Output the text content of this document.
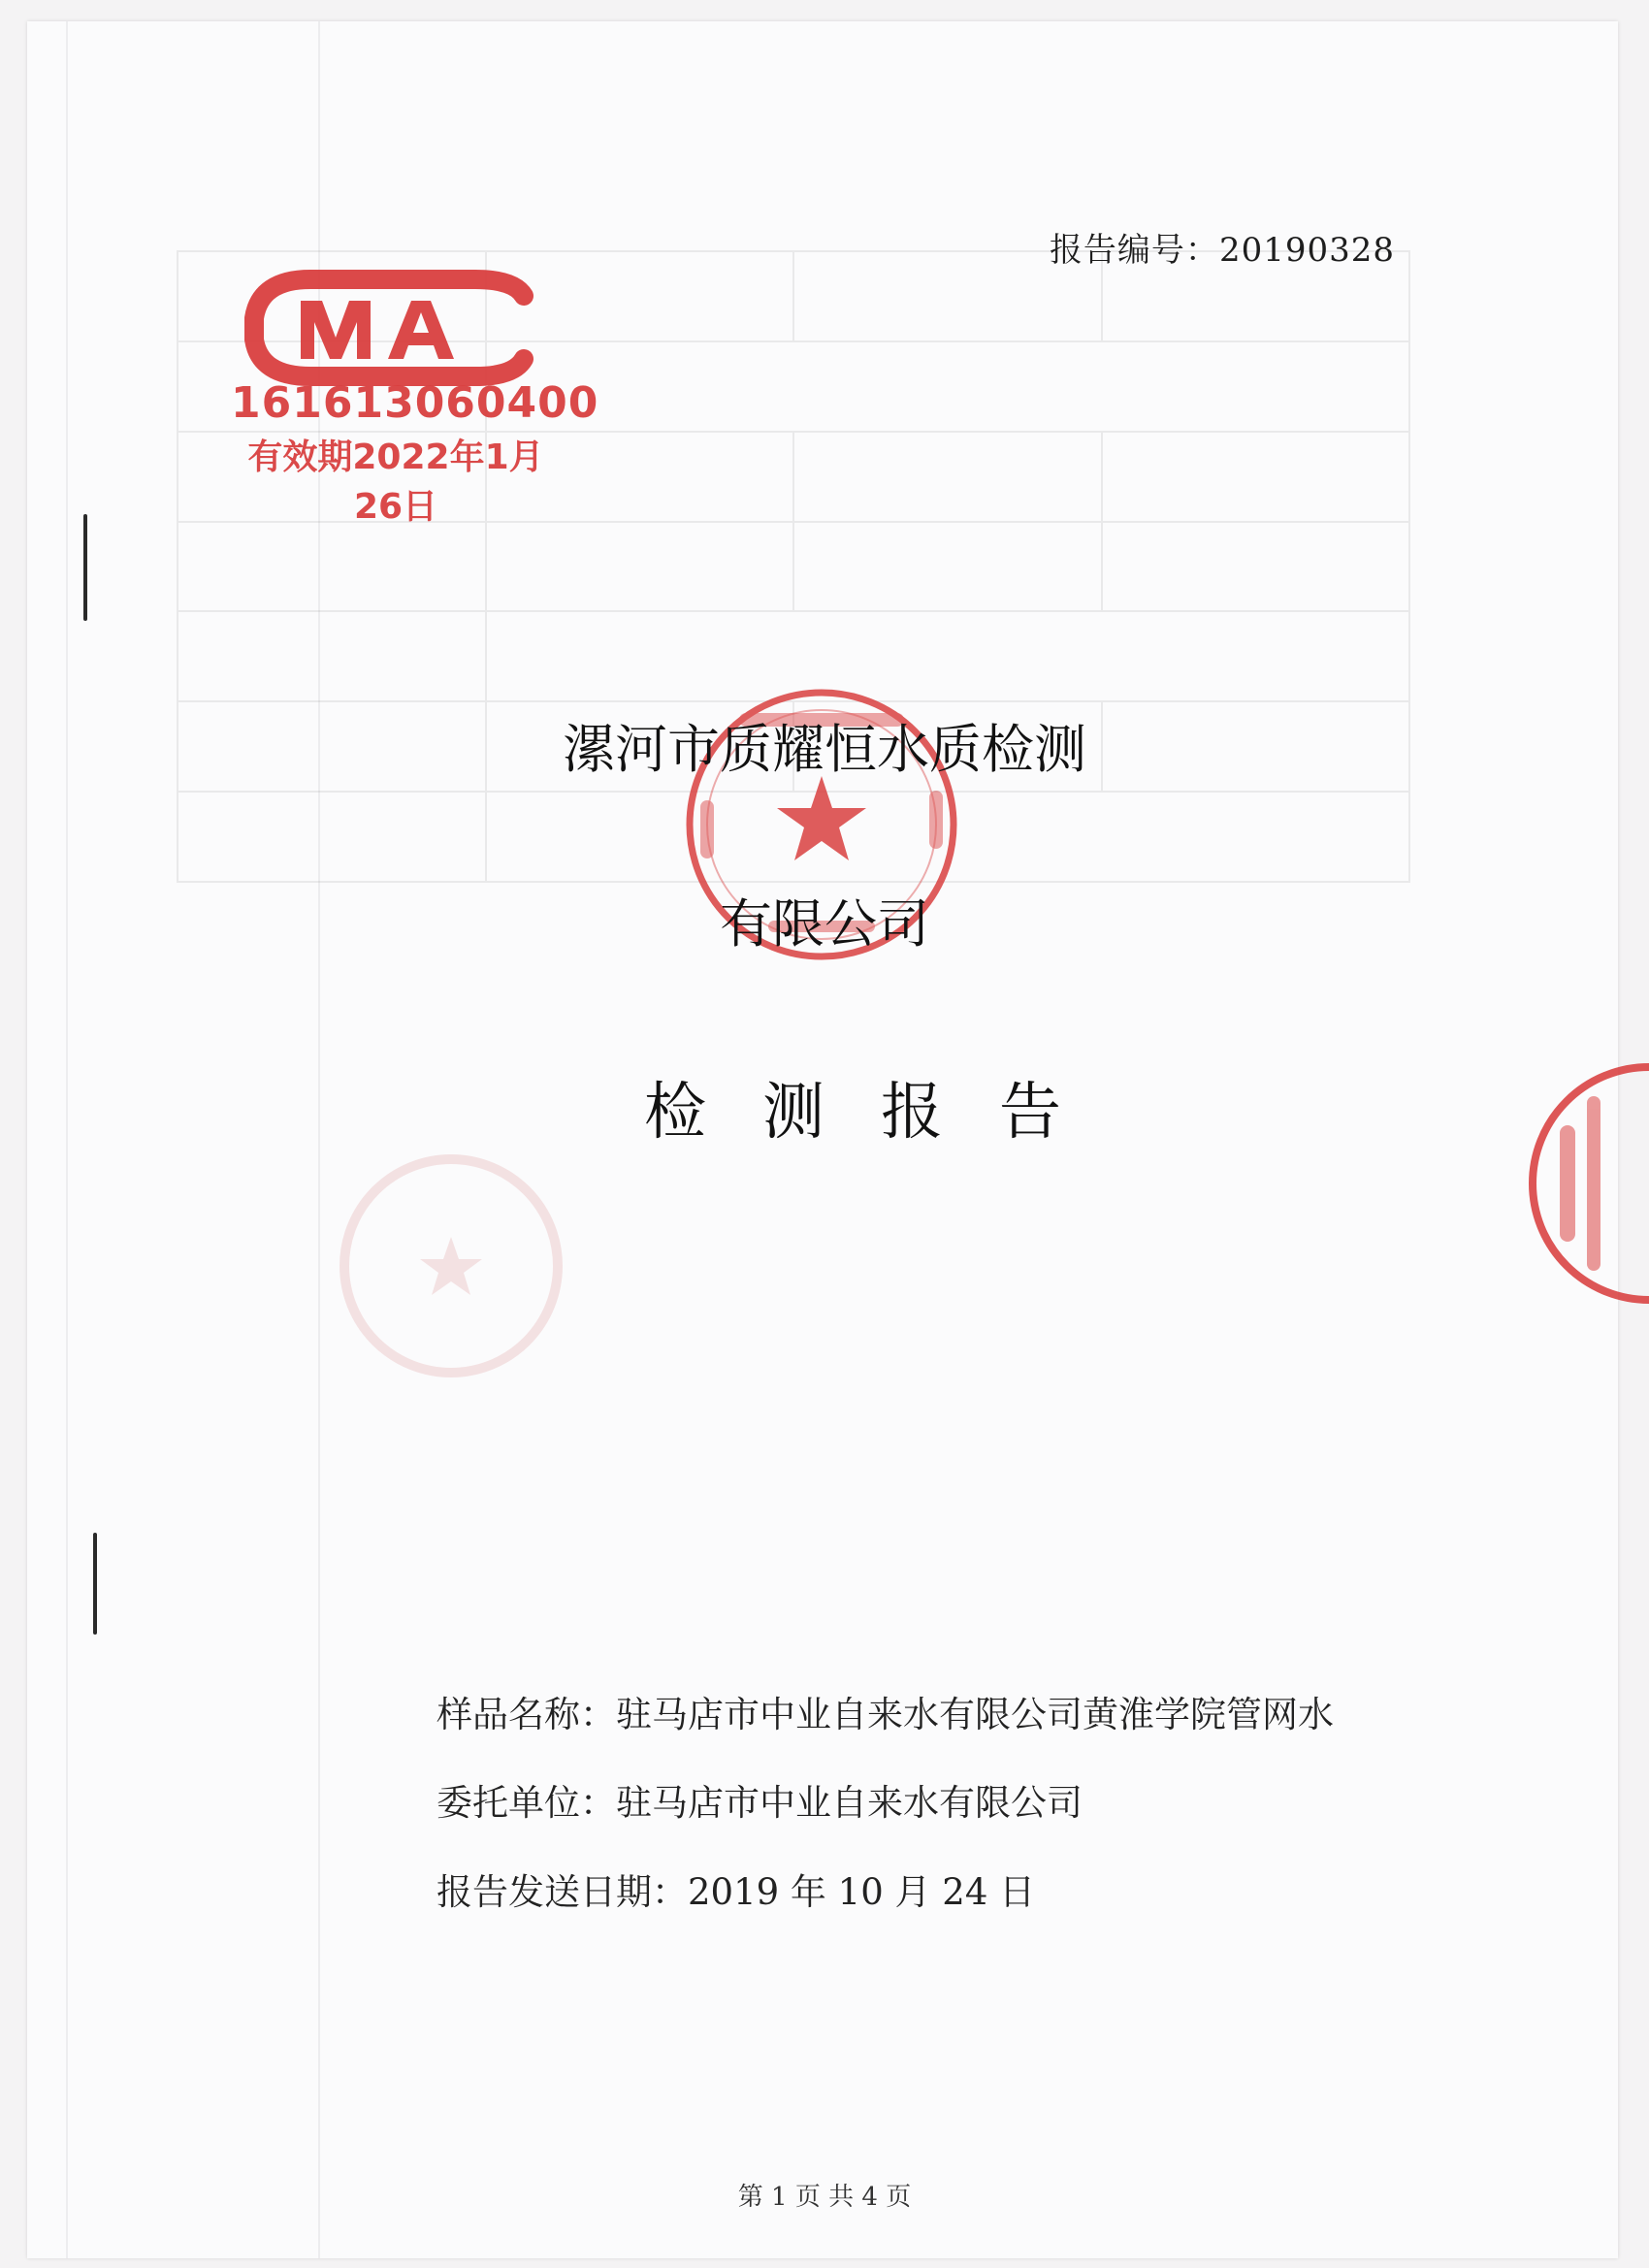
报告编号：20190328
161613060400
有效期2022年1月26日
漯河市质耀恒水质检测
有限公司
检测报告
样品名称：驻马店市中业自来水有限公司黄淮学院管网水
委托单位：驻马店市中业自来水有限公司
报告发送日期：2019 年 10 月 24 日
第 1 页 共 4 页
